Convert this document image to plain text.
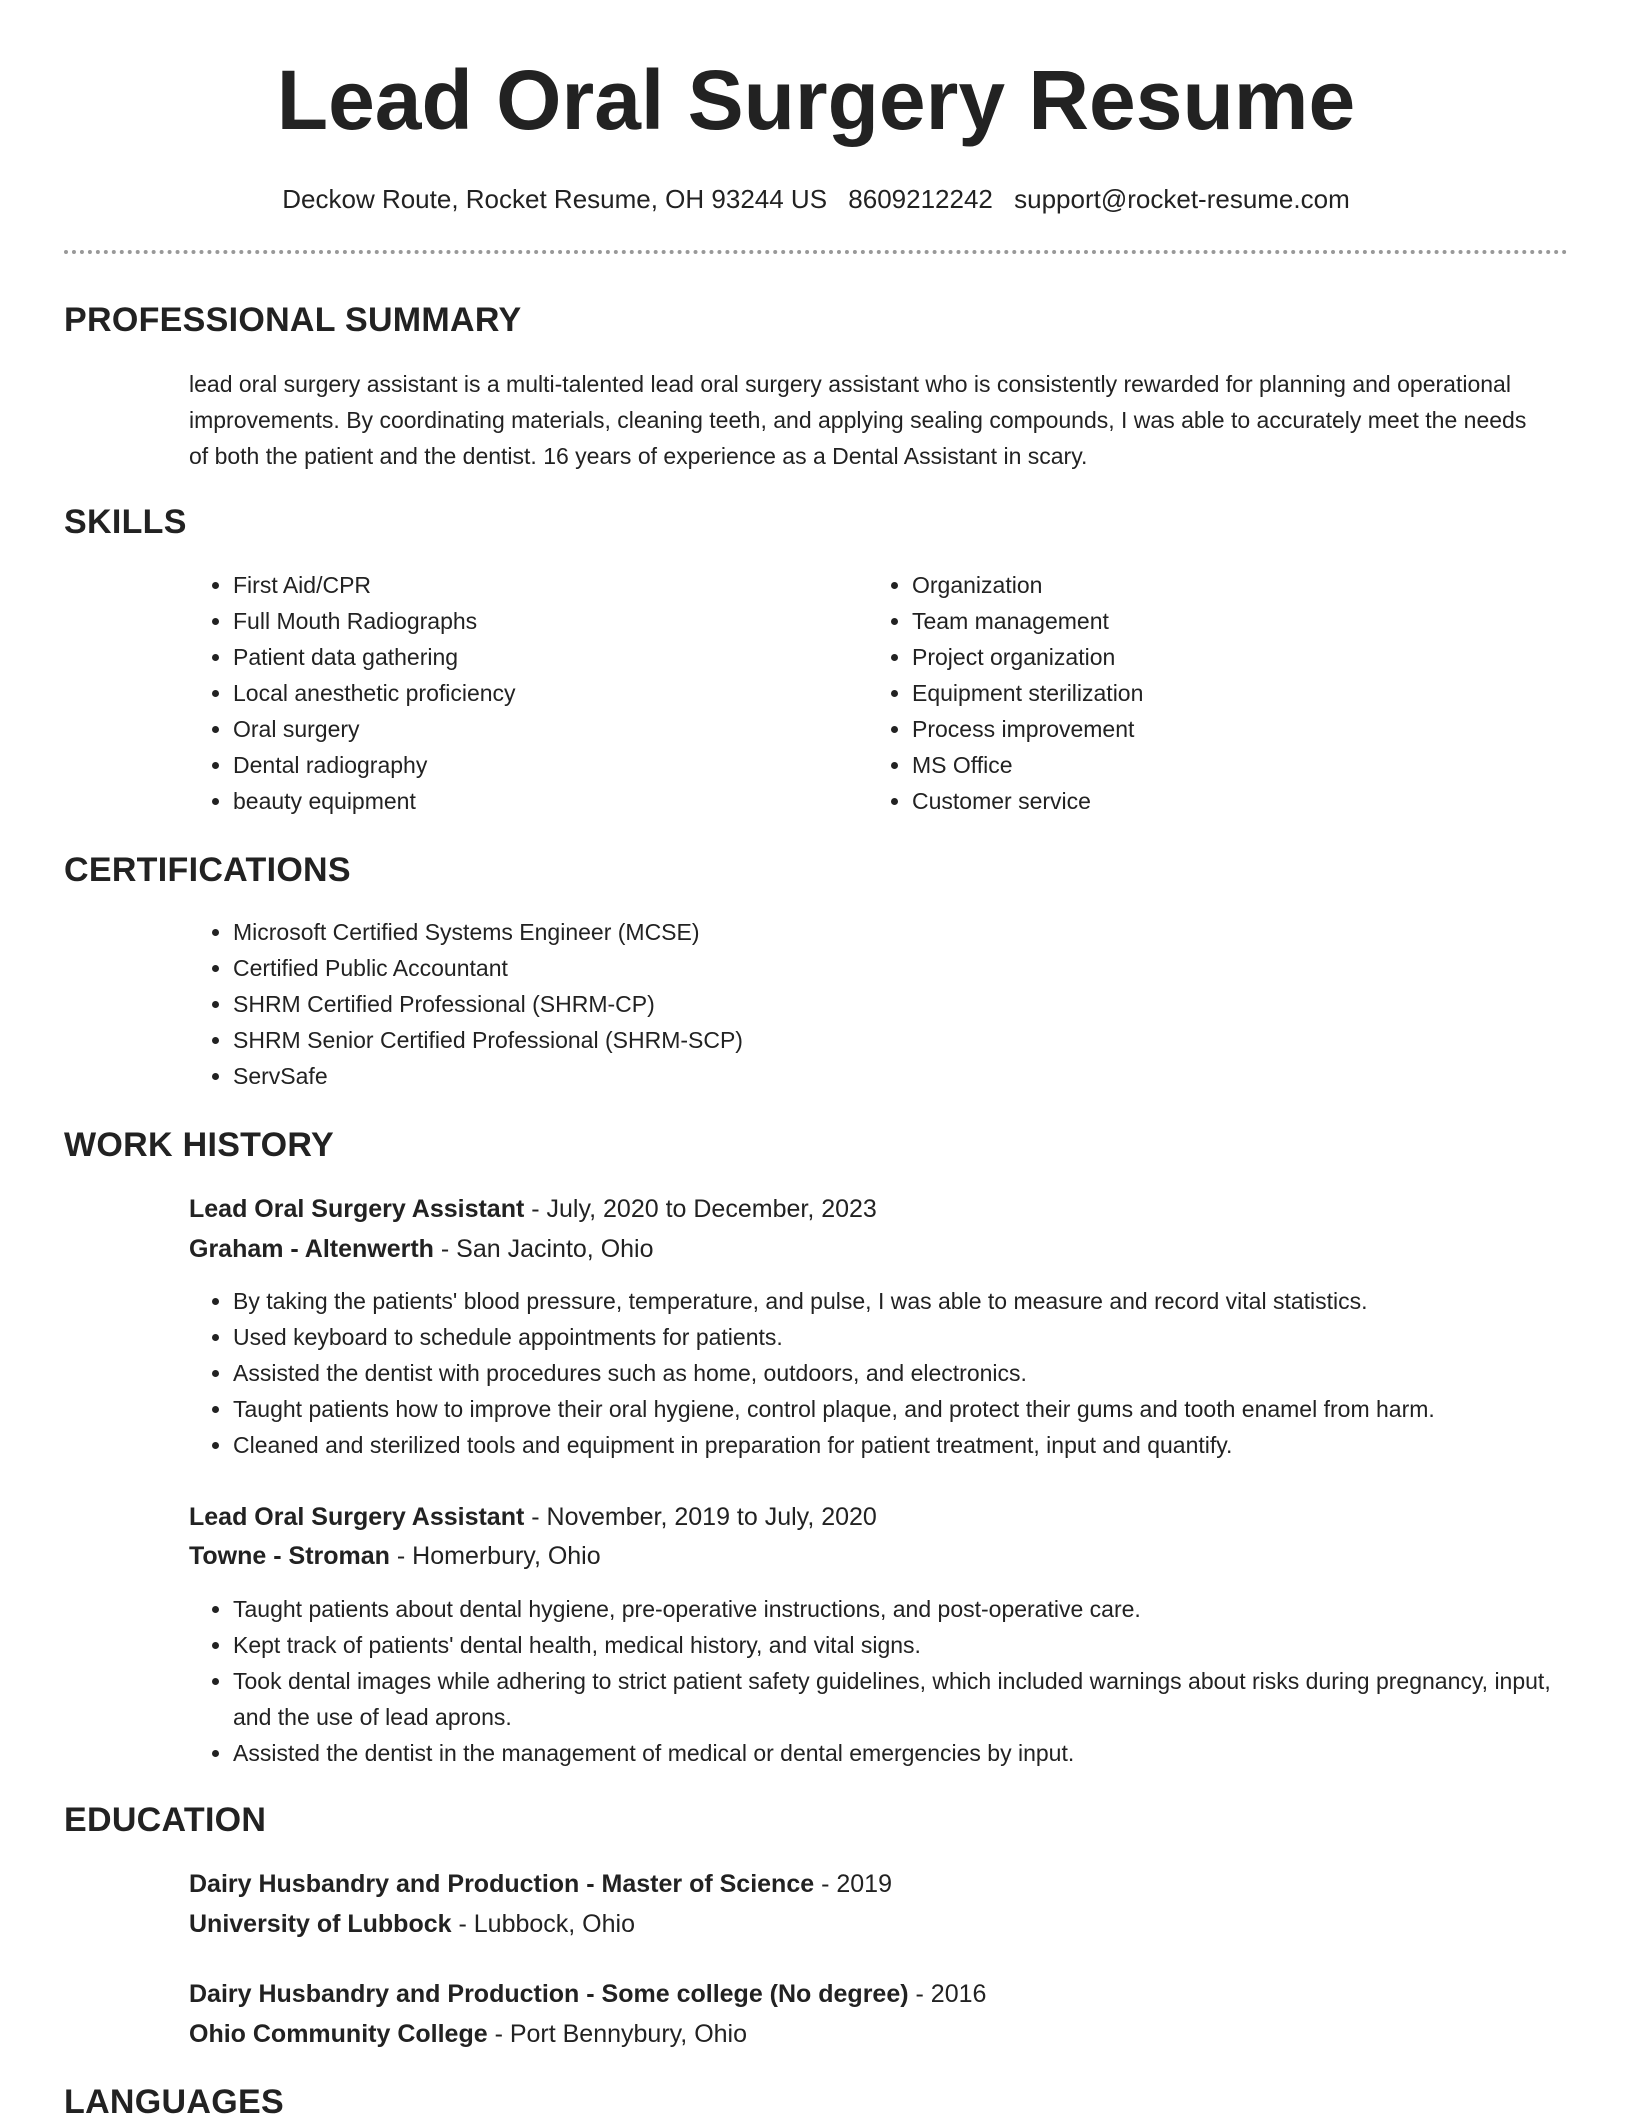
Lead Oral Surgery Resume
Deckow Route, Rocket Resume, OH 93244 US 8609212242 support@rocket-resume.com
PROFESSIONAL SUMMARY

lead oral surgery assistant is a multi-talented lead oral surgery assistant who is consistently rewarded for planning and operational improvements. By coordinating materials, cleaning teeth, and applying sealing compounds, I was able to accurately meet the needs of both the patient and the dentist. 16 years of experience as a Dental Assistant in scary.

SKILLS
• First Aid/CPR
• Full Mouth Radiographs
• Patient data gathering
• Local anesthetic proficiency
• Oral surgery
• Dental radiography
• beauty equipment
• Organization
• Team management
• Project organization
• Equipment sterilization
• Process improvement
• MS Office
• Customer service
CERTIFICATIONS
• Microsoft Certified Systems Engineer (MCSE)
• Certified Public Accountant
• SHRM Certified Professional (SHRM-CP)
• SHRM Senior Certified Professional (SHRM-SCP)
• ServSafe
WORK HISTORY
Lead Oral Surgery Assistant - July, 2020 to December, 2023
Graham - Altenwerth - San Jacinto, Ohio
• By taking the patients' blood pressure, temperature, and pulse, I was able to measure and record vital statistics.
• Used keyboard to schedule appointments for patients.
• Assisted the dentist with procedures such as home, outdoors, and electronics.
• Taught patients how to improve their oral hygiene, control plaque, and protect their gums and tooth enamel from harm.
• Cleaned and sterilized tools and equipment in preparation for patient treatment, input and quantify.
Lead Oral Surgery Assistant - November, 2019 to July, 2020
Towne - Stroman - Homerbury, Ohio
• Taught patients about dental hygiene, pre-operative instructions, and post-operative care.
• Kept track of patients' dental health, medical history, and vital signs.
• Took dental images while adhering to strict patient safety guidelines, which included warnings about risks during pregnancy, input, and the use of lead aprons.
• Assisted the dentist in the management of medical or dental emergencies by input.
EDUCATION
Dairy Husbandry and Production - Master of Science - 2019
University of Lubbock - Lubbock, Ohio
Dairy Husbandry and Production - Some college (No degree) - 2016
Ohio Community College - Port Bennybury, Ohio
LANGUAGES
